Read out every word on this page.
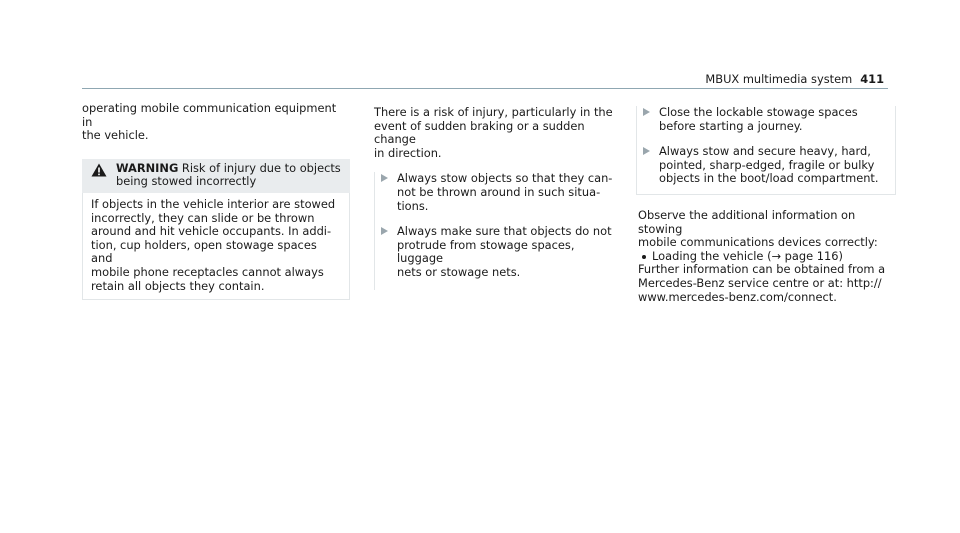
MBUX multimedia system 411

operating mobile communication equipment in

the vehicle.

WARNING Risk of injury due to objects
being stowed incorrectly

If objects in the vehicle interior are stowed

incorrectly, they can slide or be thrown

around and hit vehicle occupants. In addi-

tion, cup holders, open stowage spaces and

mobile phone receptacles cannot always

retain all objects they contain.

There is a risk of injury, particularly in the

event of sudden braking or a sudden change

in direction.

Always stow objects so that they can-

not be thrown around in such situa-

tions.

Always make sure that objects do not

protrude from stowage spaces, luggage

nets or stowage nets.

Close the lockable stowage spaces

before starting a journey.

Always stow and secure heavy, hard,

pointed, sharp-edged, fragile or bulky

objects in the boot/load compartment.

Observe the additional information on stowing

mobile communications devices correctly:

Loading the vehicle (→ page 116)

Further information can be obtained from a

Mercedes-Benz service centre or at: http://

www.mercedes-benz.com/connect.
